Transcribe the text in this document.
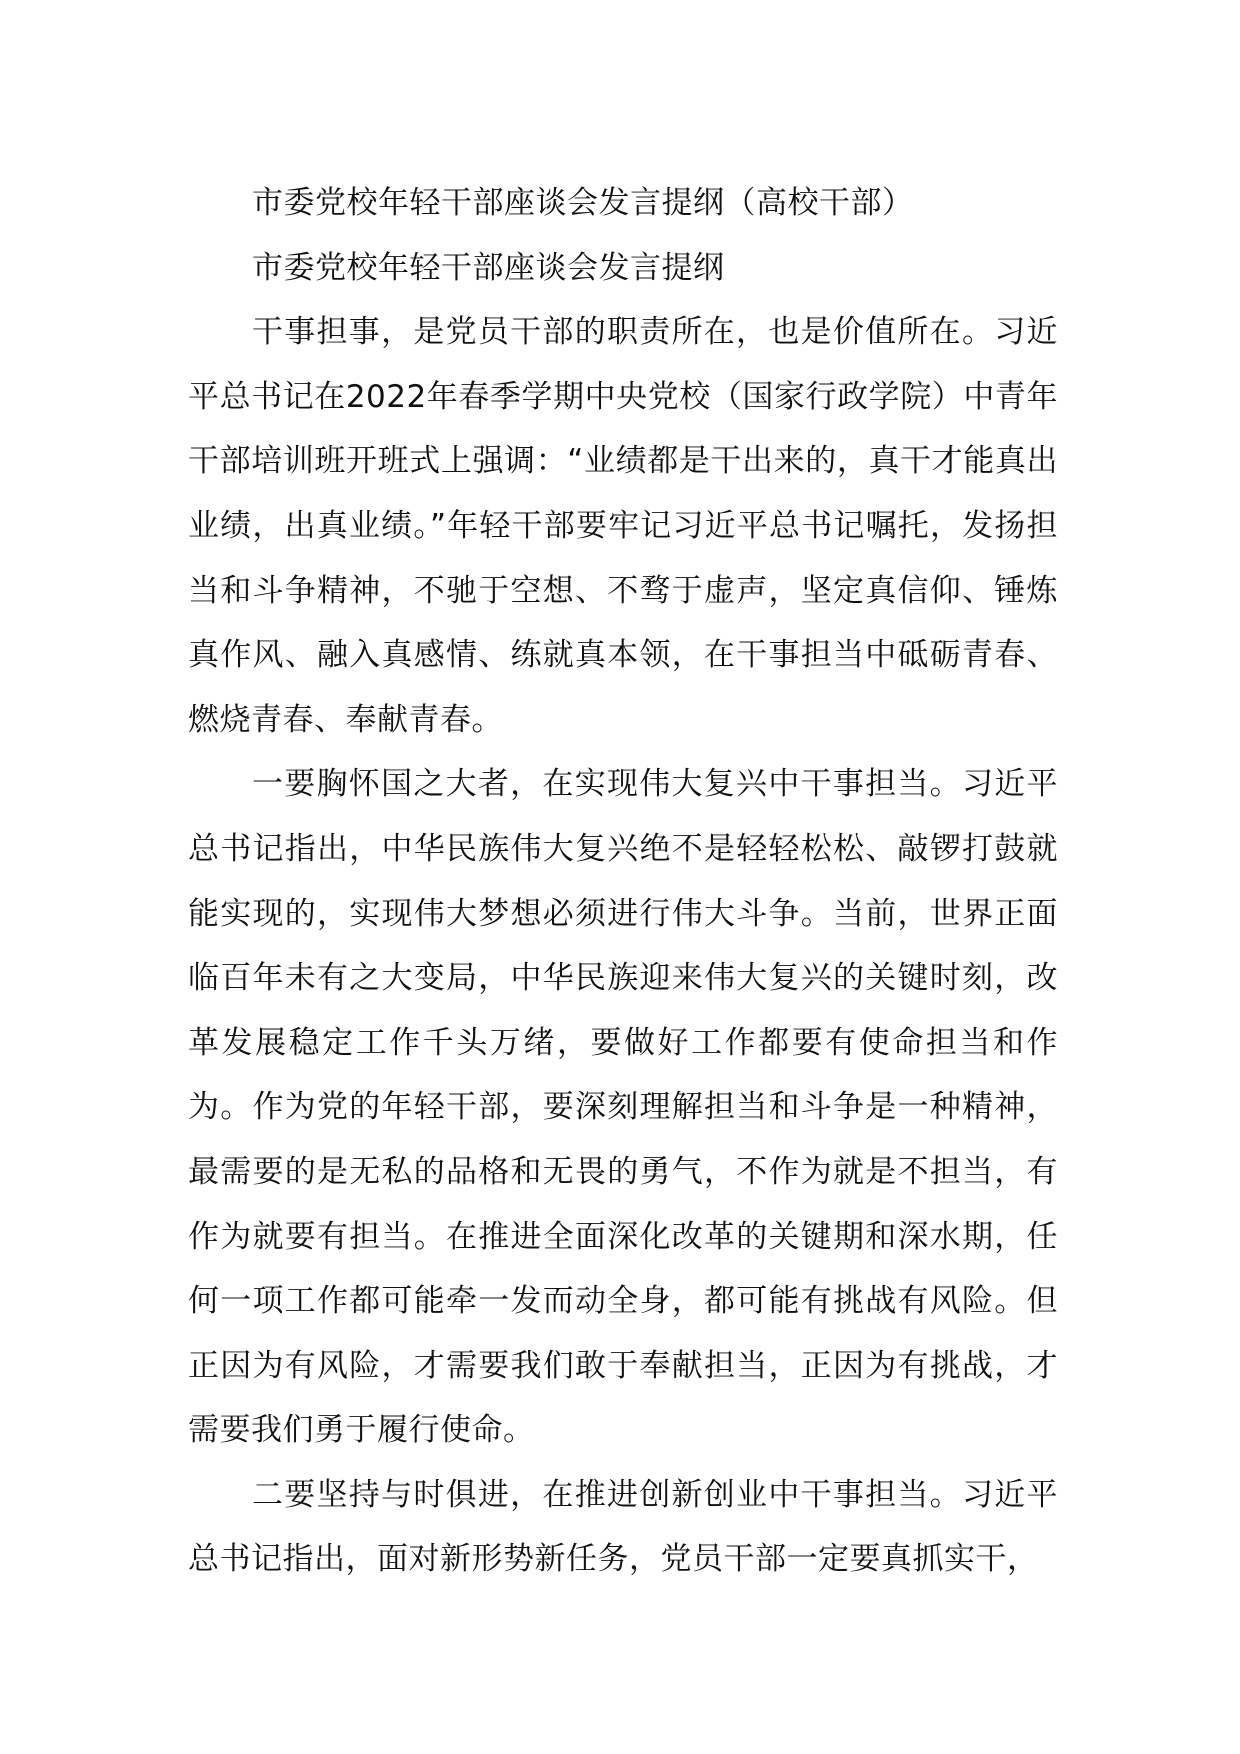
市委党校年轻干部座谈会发言提纲（高校干部）

市委党校年轻干部座谈会发言提纲

干事担事，是党员干部的职责所在，也是价值所在。习近平总书记在2022年春季学期中央党校（国家行政学院）中青年干部培训班开班式上强调：“业绩都是干出来的，真干才能真出业绩，出真业绩。”年轻干部要牢记习近平总书记嘱托，发扬担当和斗争精神，不驰于空想、不骛于虚声，坚定真信仰、锤炼真作风、融入真感情、练就真本领，在干事担当中砥砺青春、燃烧青春、奉献青春。

一要胸怀国之大者，在实现伟大复兴中干事担当。习近平总书记指出，中华民族伟大复兴绝不是轻轻松松、敲锣打鼓就能实现的，实现伟大梦想必须进行伟大斗争。当前，世界正面临百年未有之大变局，中华民族迎来伟大复兴的关键时刻，改革发展稳定工作千头万绪，要做好工作都要有使命担当和作为。作为党的年轻干部，要深刻理解担当和斗争是一种精神，最需要的是无私的品格和无畏的勇气，不作为就是不担当，有作为就要有担当。在推进全面深化改革的关键期和深水期，任何一项工作都可能牵一发而动全身，都可能有挑战有风险。但正因为有风险，才需要我们敢于奉献担当，正因为有挑战，才需要我们勇于履行使命。

二要坚持与时俱进，在推进创新创业中干事担当。习近平总书记指出，面对新形势新任务，党员干部一定要真抓实干，
